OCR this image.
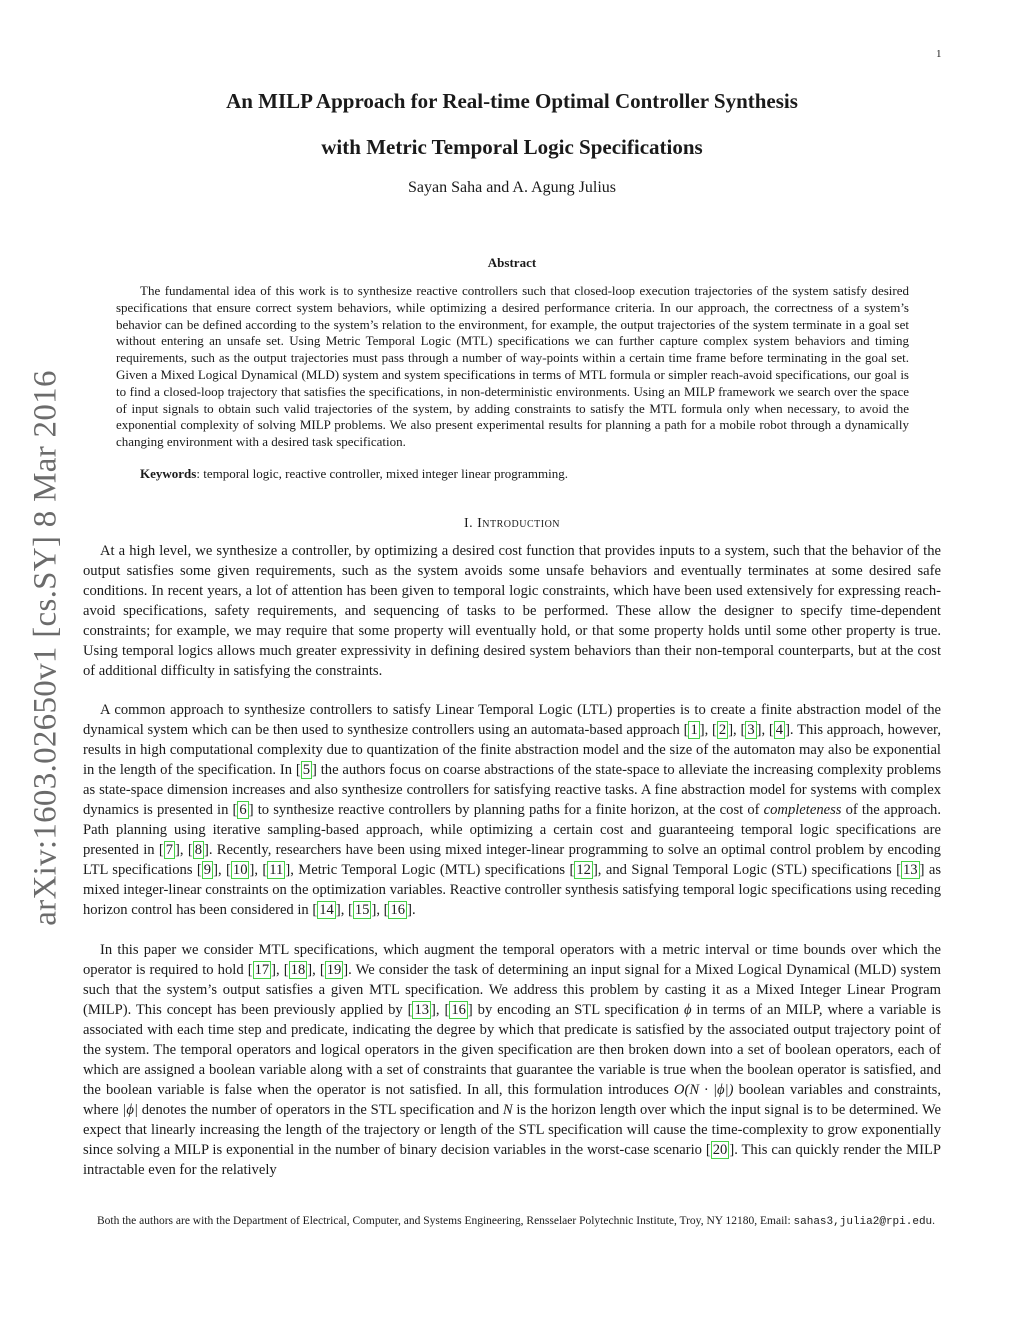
1
arXiv:1603.02650v1 [cs.SY] 8 Mar 2016
An MILP Approach for Real-time Optimal Controller Synthesis
with Metric Temporal Logic Specifications
Sayan Saha and A. Agung Julius
Abstract

The fundamental idea of this work is to synthesize reactive controllers such that closed-loop execution trajectories of the system satisfy desired specifications that ensure correct system behaviors, while optimizing a desired performance criteria. In our approach, the correctness of a system’s behavior can be defined according to the system’s relation to the environment, for example, the output trajectories of the system terminate in a goal set without entering an unsafe set. Using Metric Temporal Logic (MTL) specifications we can further capture complex system behaviors and timing requirements, such as the output trajectories must pass through a number of way-points within a certain time frame before terminating in the goal set. Given a Mixed Logical Dynamical (MLD) system and system specifications in terms of MTL formula or simpler reach-avoid specifications, our goal is to find a closed-loop trajectory that satisfies the specifications, in non-deterministic environments. Using an MILP framework we search over the space of input signals to obtain such valid trajectories of the system, by adding constraints to satisfy the MTL formula only when necessary, to avoid the exponential complexity of solving MILP problems. We also present experimental results for planning a path for a mobile robot through a dynamically changing environment with a desired task specification.

Keywords: temporal logic, reactive controller, mixed integer linear programming.

I. Introduction

At a high level, we synthesize a controller, by optimizing a desired cost function that provides inputs to a system, such that the behavior of the output satisfies some given requirements, such as the system avoids some unsafe behaviors and eventually terminates at some desired safe conditions. In recent years, a lot of attention has been given to temporal logic constraints, which have been used extensively for expressing reach-avoid specifications, safety requirements, and sequencing of tasks to be performed. These allow the designer to specify time-dependent constraints; for example, we may require that some property will eventually hold, or that some property holds until some other property is true. Using temporal logics allows much greater expressivity in defining desired system behaviors than their non-temporal counterparts, but at the cost of additional difficulty in satisfying the constraints.

A common approach to synthesize controllers to satisfy Linear Temporal Logic (LTL) properties is to create a finite abstraction model of the dynamical system which can be then used to synthesize controllers using an automata-based approach [ 1 ], [ 2 ], [ 3 ], [ 4 ]. This approach, however, results in high computational complexity due to quantization of the finite abstraction model and the size of the automaton may also be exponential in the length of the specification. In [ 5 ] the authors focus on coarse abstractions of the state-space to alleviate the increasing complexity problems as state-space dimension increases and also synthesize controllers for satisfying reactive tasks. A fine abstraction model for systems with complex dynamics is presented in [ 6 ] to synthesize reactive controllers by planning paths for a finite horizon, at the cost of completeness of the approach. Path planning using iterative sampling-based approach, while optimizing a certain cost and guaranteeing temporal logic specifications are presented in [ 7 ], [ 8 ]. Recently, researchers have been using mixed integer-linear programming to solve an optimal control problem by encoding LTL specifications [ 9 ], [ 10 ], [ 11 ], Metric Temporal Logic (MTL) specifications [ 12 ], and Signal Temporal Logic (STL) specifications [ 13 ] as mixed integer-linear constraints on the optimization variables. Reactive controller synthesis satisfying temporal logic specifications using receding horizon control has been considered in [ 14 ], [ 15 ], [ 16 ].

In this paper we consider MTL specifications, which augment the temporal operators with a metric interval or time bounds over which the operator is required to hold [ 17 ], [ 18 ], [ 19 ]. We consider the task of determining an input signal for a Mixed Logical Dynamical (MLD) system such that the system’s output satisfies a given MTL specification. We address this problem by casting it as a Mixed Integer Linear Program (MILP). This concept has been previously applied by [ 13 ], [ 16 ] by encoding an STL specification ϕ in terms of an MILP, where a variable is associated with each time step and predicate, indicating the degree by which that predicate is satisfied by the associated output trajectory point of the system. The temporal operators and logical operators in the given specification are then broken down into a set of boolean operators, each of which are assigned a boolean variable along with a set of constraints that guarantee the variable is true when the boolean operator is satisfied, and the boolean variable is false when the operator is not satisfied. In all, this formulation introduces O(N · |ϕ|) boolean variables and constraints, where |ϕ| denotes the number of operators in the STL specification and N is the horizon length over which the input signal is to be determined. We expect that linearly increasing the length of the trajectory or length of the STL specification will cause the time-complexity to grow exponentially since solving a MILP is exponential in the number of binary decision variables in the worst-case scenario [ 20 ]. This can quickly render the MILP intractable even for the relatively

Both the authors are with the Department of Electrical, Computer, and Systems Engineering, Rensselaer Polytechnic Institute, Troy, NY 12180, Email: sahas3,julia2@rpi.edu.
